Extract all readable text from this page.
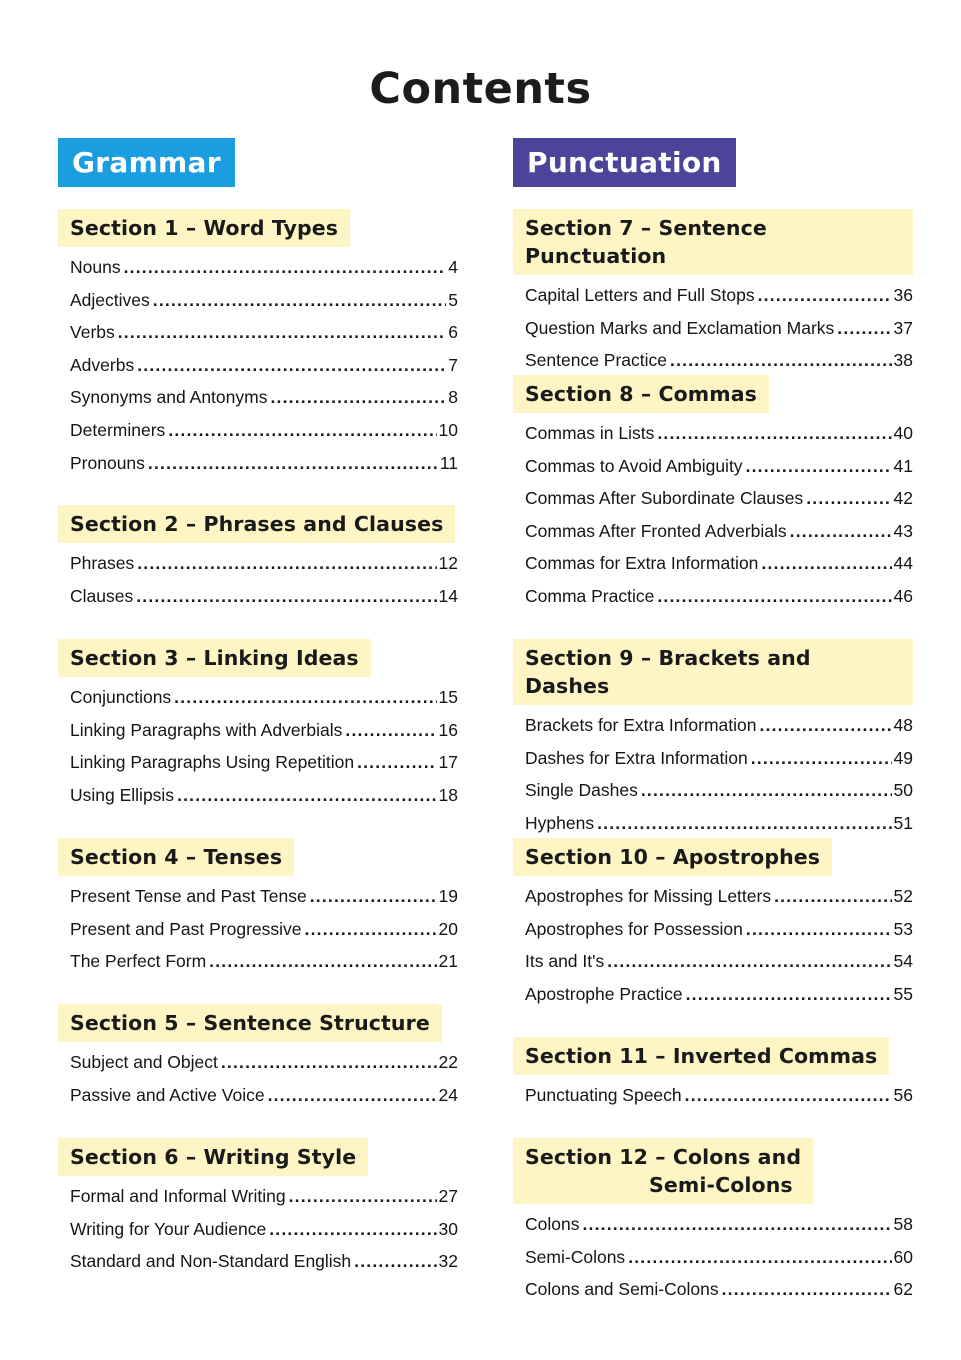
Contents
Grammar
Section 1 – Word Types
Nouns .....	4
Adjectives .....	5
Verbs .....	6
Adverbs .....	7
Synonyms and Antonyms .....	8
Determiners .....	10
Pronouns .....	11
Section 2 – Phrases and Clauses
Phrases .....	12
Clauses .....	14
Section 3 – Linking Ideas
Conjunctions .....	15
Linking Paragraphs with Adverbials .....	16
Linking Paragraphs Using Repetition .....	17
Using Ellipsis .....	18
Section 4 – Tenses
Present Tense and Past Tense .....	19
Present and Past Progressive .....	20
The Perfect Form .....	21
Section 5 – Sentence Structure
Subject and Object .....	22
Passive and Active Voice .....	24
Section 6 – Writing Style
Formal and Informal Writing .....	27
Writing for Your Audience .....	30
Standard and Non-Standard English .....	32
Punctuation
Section 7 – Sentence Punctuation
Capital Letters and Full Stops .....	36
Question Marks and Exclamation Marks .....	37
Sentence Practice .....	38
Section 8 – Commas
Commas in Lists .....	40
Commas to Avoid Ambiguity .....	41
Commas After Subordinate Clauses .....	42
Commas After Fronted Adverbials .....	43
Commas for Extra Information .....	44
Comma Practice .....	46
Section 9 – Brackets and Dashes
Brackets for Extra Information .....	48
Dashes for Extra Information .....	49
Single Dashes .....	50
Hyphens .....	51
Section 10 – Apostrophes
Apostrophes for Missing Letters .....	52
Apostrophes for Possession .....	53
Its and It's .....	54
Apostrophe Practice .....	55
Section 11 – Inverted Commas
Punctuating Speech .....	56
Section 12 – Colons and
Semi-Colons
Colons .....	58
Semi-Colons .....	60
Colons and Semi-Colons .....	62
